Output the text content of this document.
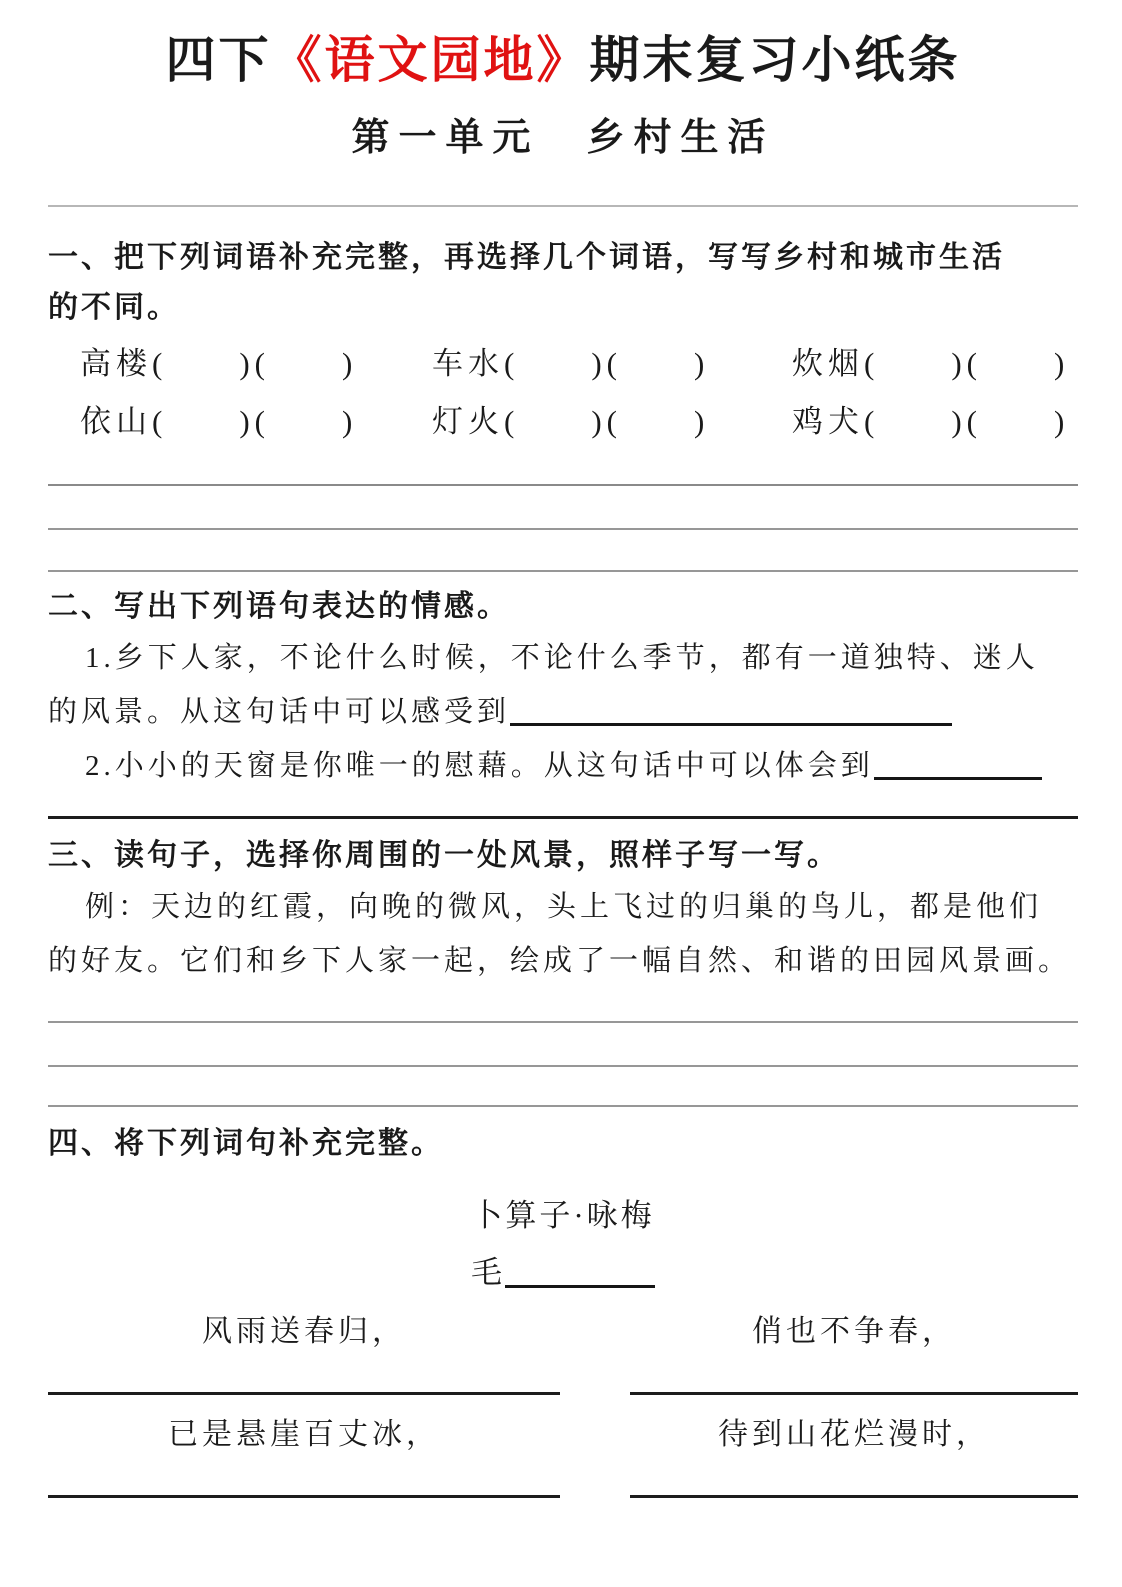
四下《语文园地》期末复习小纸条
第一单元　乡村生活
一、把下列词语补充完整，再选择几个词语，写写乡村和城市生活
的不同。
高楼(　　)(　　)	车水(　　)(　　)	炊烟(　　)(　　)
依山(　　)(　　)	灯火(　　)(　　)	鸡犬(　　)(　　)
二、写出下列语句表达的情感。
1.乡下人家，不论什么时候，不论什么季节，都有一道独特、迷人
的风景。从这句话中可以感受到
2.小小的天窗是你唯一的慰藉。从这句话中可以体会到
三、读句子，选择你周围的一处风景，照样子写一写。
例：天边的红霞，向晚的微风，头上飞过的归巢的鸟儿，都是他们
的好友。它们和乡下人家一起，绘成了一幅自然、和谐的田园风景画。
四、将下列词句补充完整。
卜算子·咏梅
毛
风雨送春归，	俏也不争春，
已是悬崖百丈冰，	待到山花烂漫时，
